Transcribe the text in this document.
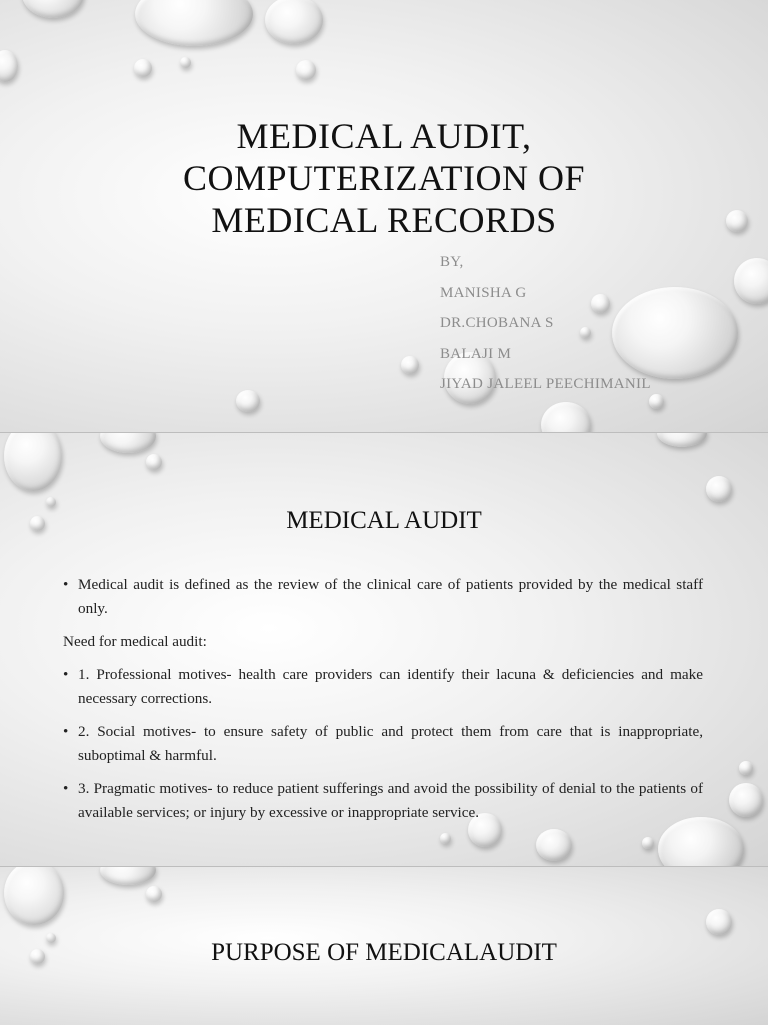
MEDICAL AUDIT,
COMPUTERIZATION OF
MEDICAL RECORDS
BY,
MANISHA G
DR.CHOBANA S
BALAJI M
JIYAD JALEEL PEECHIMANIL
MEDICAL AUDIT

• Medical audit is defined as the review of the clinical care of patients provided by the medical staff only.

Need for medical audit:

• 1. Professional motives- health care providers can identify their lacuna & deficiencies and make necessary corrections.

• 2. Social motives- to ensure safety of public and protect them from care that is inappropriate, suboptimal & harmful.

• 3. Pragmatic motives- to reduce patient sufferings and avoid the possibility of denial to the patients of available services; or injury by excessive or inappropriate service.

PURPOSE OF MEDICALAUDIT
